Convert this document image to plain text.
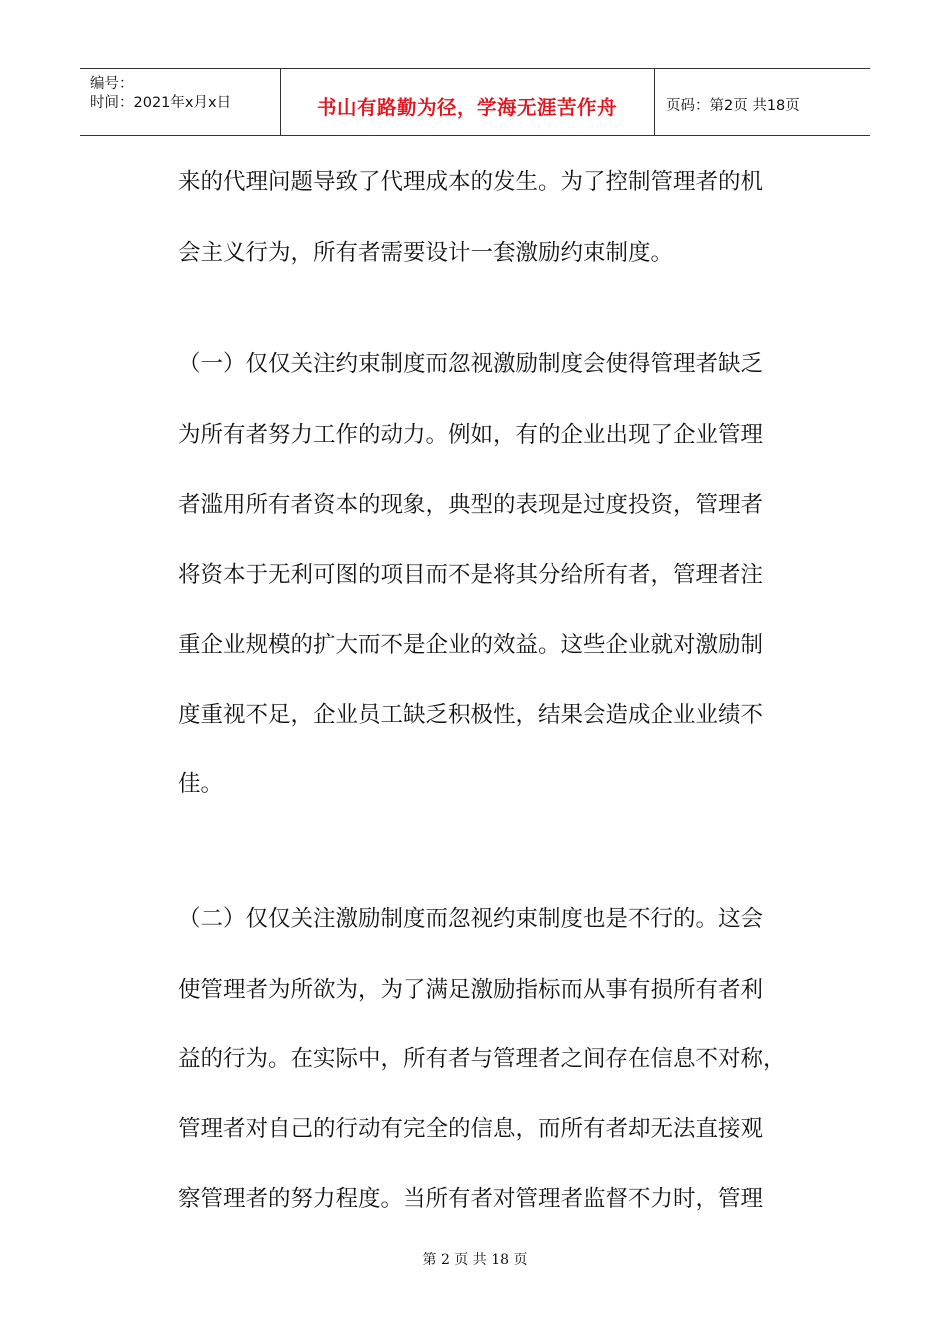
编号：
时间：2021年x月x日	书山有路勤为径，学海无涯苦作舟	页码：第2页 共18页
来的代理问题导致了代理成本的发生。为了控制管理者的机
会主义行为，所有者需要设计一套激励约束制度。
（一）仅仅关注约束制度而忽视激励制度会使得管理者缺乏
为所有者努力工作的动力。例如，有的企业出现了企业管理
者滥用所有者资本的现象，典型的表现是过度投资，管理者
将资本于无利可图的项目而不是将其分给所有者，管理者注
重企业规模的扩大而不是企业的效益。这些企业就对激励制
度重视不足，企业员工缺乏积极性，结果会造成企业业绩不
佳。
（二）仅仅关注激励制度而忽视约束制度也是不行的。这会
使管理者为所欲为，为了满足激励指标而从事有损所有者利
益的行为。在实际中，所有者与管理者之间存在信息不对称，
管理者对自己的行动有完全的信息，而所有者却无法直接观
察管理者的努力程度。当所有者对管理者监督不力时，管理
第 2 页 共 18 页
